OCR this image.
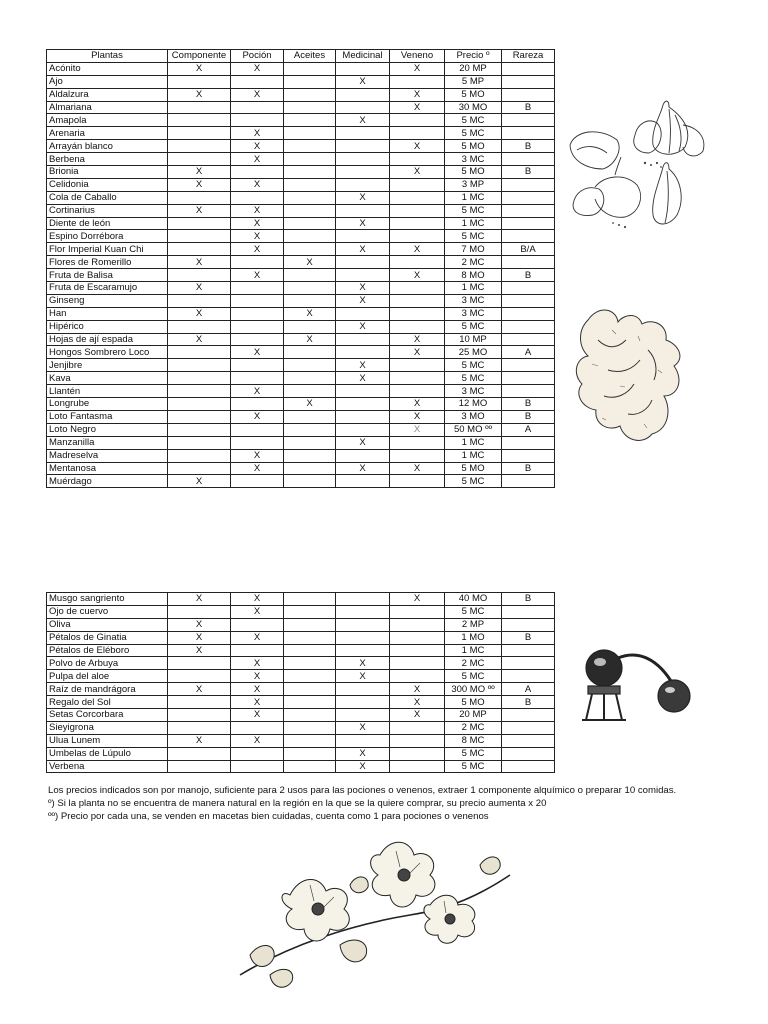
Plantas	Componente	Poción	Aceites	Medicinal	Veneno	Precio º	Rareza
Acónito	X	X			X	20 MP	
Ajo				X		5 MP	
Aldalzura	X	X			X	5 MO	
Almariana					X	30 MO	B
Amapola				X		5 MC	
Arenaria		X				5 MC	
Arrayán blanco		X			X	5 MO	B
Berbena		X				3 MC	
Brionia	X				X	5 MO	B
Celidonia	X	X				3 MP	
Cola de Caballo				X		1 MC	
Cortinarius	X	X				5 MC	
Diente de león		X		X		1 MC	
Espino Dorrébora		X				5 MC	
Flor Imperial Kuan Chi		X		X	X	7 MO	B/A
Flores de Romerillo	X		X			2 MC	
Fruta de Balisa		X			X	8 MO	B
Fruta de Escaramujo	X			X		1 MC	
Ginseng				X		3 MC	
Han	X		X			3 MC	
Hipérico				X		5 MC	
Hojas de ají espada	X		X		X	10 MP	
Hongos Sombrero Loco		X			X	25 MO	A
Jenjibre				X		5 MC	
Kava				X		5 MC	
Llantén		X				3 MC	
Longrube			X		X	12 MO	B
Loto Fantasma		X			X	3 MO	B
Loto Negro					X	50 MO ºº	A
Manzanilla				X		1 MC	
Madreselva		X				1 MC	
Mentanosa		X		X	X	5 MO	B
Muérdago	X					5 MC	
Musgo sangriento	X	X			X	40 MO	B
Ojo de cuervo		X				5 MC	
Oliva	X					2 MP	
Pétalos de Ginatia	X	X				1 MO	B
Pétalos de Eléboro	X					1 MC	
Polvo de Arbuya		X		X		2 MC	
Pulpa del aloe		X		X		5 MC	
Raíz de mandrágora	X	X			X	300 MO ºº	A
Regalo del Sol		X			X	5 MO	B
Setas Corcorbara		X			X	20 MP	
Sieyigrona				X		2 MC	
Ulua Lunem	X	X				8 MC	
Umbelas de Lúpulo				X		5 MC	
Verbena				X		5 MC	
Los precios indicados son por manojo, suficiente para 2 usos para las pociones o venenos, extraer 1 componente alquímico o preparar 10 comidas.
º) Si la planta no se encuentra de manera natural en la región en la que se la quiere comprar, su precio aumenta x 20
ºº) Precio por cada una, se venden en macetas bien cuidadas, cuenta como 1 para pociones o venenos
